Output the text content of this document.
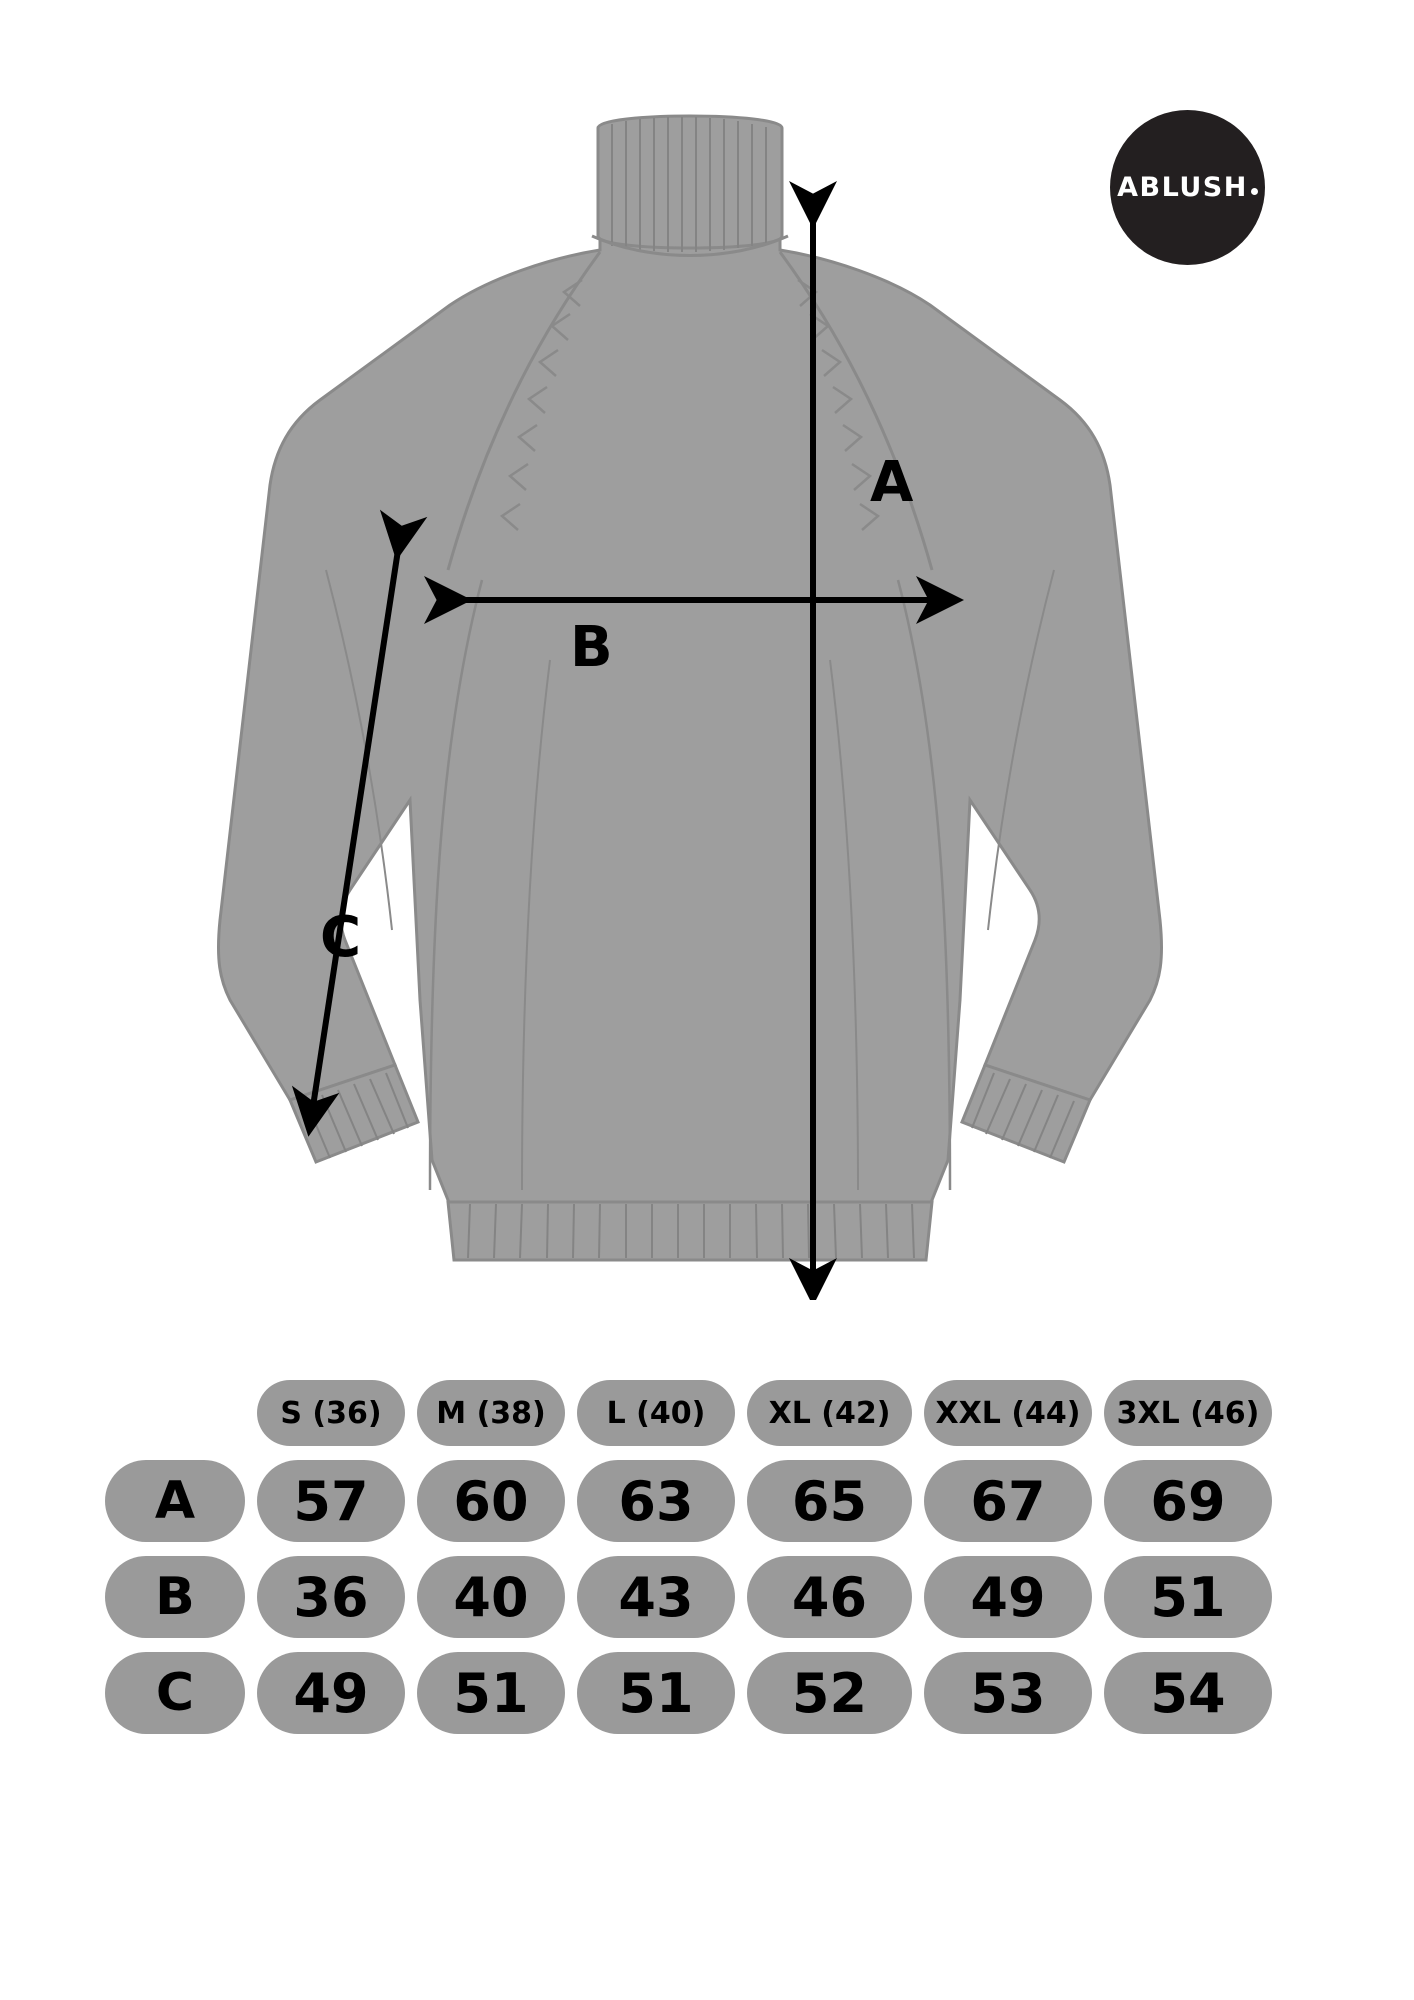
ABLUSH
A
B
C
S (36)	M (38)	L (40)	XL (42)	XXL (44)	3XL (46)
A	57	60	63	65	67	69
B	36	40	43	46	49	51
C	49	51	51	52	53	54
